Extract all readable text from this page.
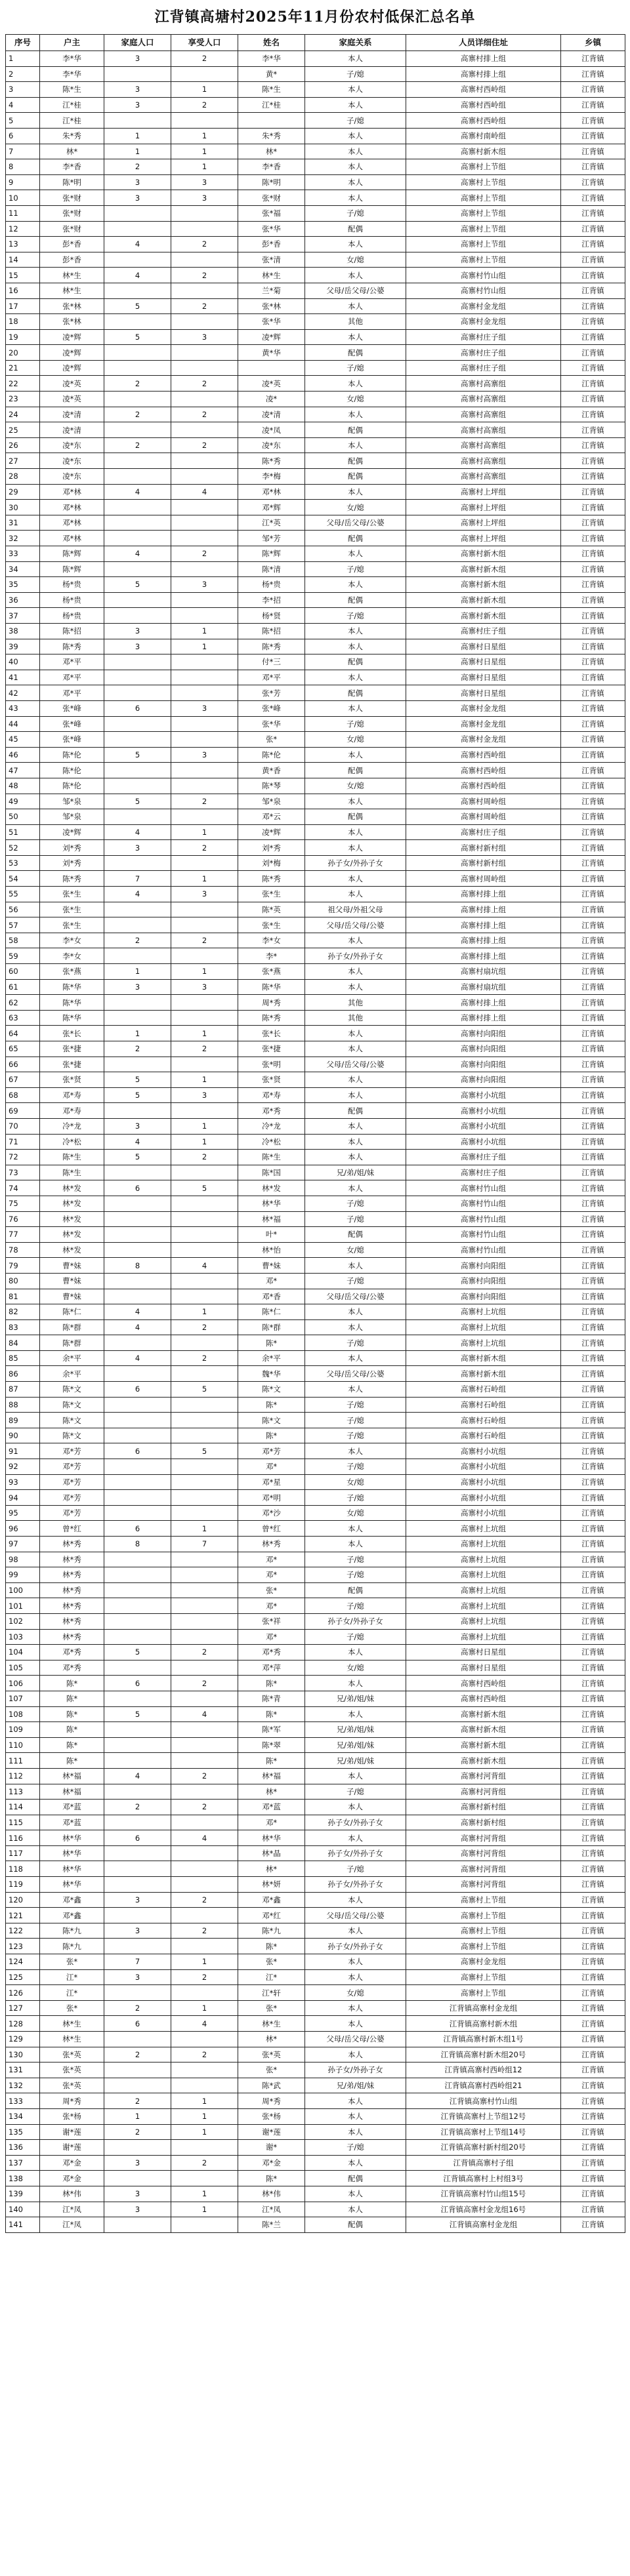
江背镇高塘村2025年11月份农村低保汇总名单
序号	户主	家庭人口	享受人口	姓名	家庭关系	人员详细住址	乡镇
1	李*华	3	2	李*华	本人	高寨村排上组	江背镇
2	李*华			黄*	子/媳	高寨村排上组	江背镇
3	陈*生	3	1	陈*生	本人	高寨村西岭组	江背镇
4	江*桂	3	2	江*桂	本人	高寨村西岭组	江背镇
5	江*桂				子/媳	高寨村西岭组	江背镇
6	朱*秀	1	1	朱*秀	本人	高寨村南岭组	江背镇
7	林*	1	1	林*	本人	高寨村新木组	江背镇
8	李*香	2	1	李*香	本人	高寨村上节组	江背镇
9	陈*明	3	3	陈*明	本人	高寨村上节组	江背镇
10	张*财	3	3	张*财	本人	高寨村上节组	江背镇
11	张*财			张*福	子/媳	高寨村上节组	江背镇
12	张*财			张*华	配偶	高寨村上节组	江背镇
13	彭*香	4	2	彭*香	本人	高寨村上节组	江背镇
14	彭*香			张*清	女/媳	高寨村上节组	江背镇
15	林*生	4	2	林*生	本人	高寨村竹山组	江背镇
16	林*生			兰*菊	父母/岳父母/公婆	高寨村竹山组	江背镇
17	张*林	5	2	张*林	本人	高寨村金龙组	江背镇
18	张*林			张*华	其他	高寨村金龙组	江背镇
19	凌*辉	5	3	凌*辉	本人	高寨村庄子组	江背镇
20	凌*辉			黄*华	配偶	高寨村庄子组	江背镇
21	凌*辉				子/媳	高寨村庄子组	江背镇
22	凌*英	2	2	凌*英	本人	高寨村高寨组	江背镇
23	凌*英			凌*	女/媳	高寨村高寨组	江背镇
24	凌*清	2	2	凌*清	本人	高寨村高寨组	江背镇
25	凌*清			凌*凤	配偶	高寨村高寨组	江背镇
26	凌*东	2	2	凌*东	本人	高寨村高寨组	江背镇
27	凌*东			陈*秀	配偶	高寨村高寨组	江背镇
28	凌*东			李*梅	配偶	高寨村高寨组	江背镇
29	邓*林	4	4	邓*林	本人	高寨村上坪组	江背镇
30	邓*林			邓*辉	女/媳	高寨村上坪组	江背镇
31	邓*林			江*英	父母/岳父母/公婆	高寨村上坪组	江背镇
32	邓*林			邹*芳	配偶	高寨村上坪组	江背镇
33	陈*辉	4	2	陈*辉	本人	高寨村新木组	江背镇
34	陈*辉			陈*清	子/媳	高寨村新木组	江背镇
35	杨*贵	5	3	杨*贵	本人	高寨村新木组	江背镇
36	杨*贵			李*招	配偶	高寨村新木组	江背镇
37	杨*贵			杨*贤	子/媳	高寨村新木组	江背镇
38	陈*招	3	1	陈*招	本人	高寨村庄子组	江背镇
39	陈*秀	3	1	陈*秀	本人	高寨村日星组	江背镇
40	邓*平			付*三	配偶	高寨村日星组	江背镇
41	邓*平			邓*平	本人	高寨村日星组	江背镇
42	邓*平			张*芳	配偶	高寨村日星组	江背镇
43	张*峰	6	3	张*峰	本人	高寨村金龙组	江背镇
44	张*峰			张*华	子/媳	高寨村金龙组	江背镇
45	张*峰			张*	女/媳	高寨村金龙组	江背镇
46	陈*伦	5	3	陈*伦	本人	高寨村西岭组	江背镇
47	陈*伦			黄*香	配偶	高寨村西岭组	江背镇
48	陈*伦			陈*琴	女/媳	高寨村西岭组	江背镇
49	邹*泉	5	2	邹*泉	本人	高寨村周岭组	江背镇
50	邹*泉			邓*云	配偶	高寨村周岭组	江背镇
51	凌*辉	4	1	凌*辉	本人	高寨村庄子组	江背镇
52	刘*秀	3	2	刘*秀	本人	高寨村新村组	江背镇
53	刘*秀			刘*梅	孙子女/外孙子女	高寨村新村组	江背镇
54	陈*秀	7	1	陈*秀	本人	高寨村周岭组	江背镇
55	张*生	4	3	张*生	本人	高寨村排上组	江背镇
56	张*生			陈*英	祖父母/外祖父母	高寨村排上组	江背镇
57	张*生			张*生	父母/岳父母/公婆	高寨村排上组	江背镇
58	李*女	2	2	李*女	本人	高寨村排上组	江背镇
59	李*女			李*	孙子女/外孙子女	高寨村排上组	江背镇
60	张*燕	1	1	张*燕	本人	高寨村扇坑组	江背镇
61	陈*华	3	3	陈*华	本人	高寨村扇坑组	江背镇
62	陈*华			周*秀	其他	高寨村排上组	江背镇
63	陈*华			陈*秀	其他	高寨村排上组	江背镇
64	张*长	1	1	张*长	本人	高寨村向阳组	江背镇
65	张*捷	2	2	张*捷	本人	高寨村向阳组	江背镇
66	张*捷			张*明	父母/岳父母/公婆	高寨村向阳组	江背镇
67	张*贤	5	1	张*贤	本人	高寨村向阳组	江背镇
68	邓*寿	5	3	邓*寿	本人	高寨村小坑组	江背镇
69	邓*寿			邓*秀	配偶	高寨村小坑组	江背镇
70	冷*龙	3	1	冷*龙	本人	高寨村小坑组	江背镇
71	冷*松	4	1	冷*松	本人	高寨村小坑组	江背镇
72	陈*生	5	2	陈*生	本人	高寨村庄子组	江背镇
73	陈*生			陈*国	兄/弟/姐/妹	高寨村庄子组	江背镇
74	林*发	6	5	林*发	本人	高寨村竹山组	江背镇
75	林*发			林*华	子/媳	高寨村竹山组	江背镇
76	林*发			林*福	子/媳	高寨村竹山组	江背镇
77	林*发			叶*	配偶	高寨村竹山组	江背镇
78	林*发			林*怡	女/媳	高寨村竹山组	江背镇
79	曹*妹	8	4	曹*妹	本人	高寨村向阳组	江背镇
80	曹*妹			邓*	子/媳	高寨村向阳组	江背镇
81	曹*妹			邓*香	父母/岳父母/公婆	高寨村向阳组	江背镇
82	陈*仁	4	1	陈*仁	本人	高寨村上坑组	江背镇
83	陈*群	4	2	陈*群	本人	高寨村上坑组	江背镇
84	陈*群			陈*	子/媳	高寨村上坑组	江背镇
85	余*平	4	2	余*平	本人	高寨村新木组	江背镇
86	余*平			魏*华	父母/岳父母/公婆	高寨村新木组	江背镇
87	陈*文	6	5	陈*文	本人	高寨村石岭组	江背镇
88	陈*文			陈*	子/媳	高寨村石岭组	江背镇
89	陈*文			陈*文	子/媳	高寨村石岭组	江背镇
90	陈*文			陈*	子/媳	高寨村石岭组	江背镇
91	邓*芳	6	5	邓*芳	本人	高寨村小坑组	江背镇
92	邓*芳			邓*	子/媳	高寨村小坑组	江背镇
93	邓*芳			邓*星	女/媳	高寨村小坑组	江背镇
94	邓*芳			邓*明	子/媳	高寨村小坑组	江背镇
95	邓*芳			邓*沙	女/媳	高寨村小坑组	江背镇
96	曾*红	6	1	曾*红	本人	高寨村上坑组	江背镇
97	林*秀	8	7	林*秀	本人	高寨村上坑组	江背镇
98	林*秀			邓*	子/媳	高寨村上坑组	江背镇
99	林*秀			邓*	子/媳	高寨村上坑组	江背镇
100	林*秀			张*	配偶	高寨村上坑组	江背镇
101	林*秀			邓*	子/媳	高寨村上坑组	江背镇
102	林*秀			张*祥	孙子女/外孙子女	高寨村上坑组	江背镇
103	林*秀			邓*	子/媳	高寨村上坑组	江背镇
104	邓*秀	5	2	邓*秀	本人	高寨村日星组	江背镇
105	邓*秀			邓*萍	女/媳	高寨村日星组	江背镇
106	陈*	6	2	陈*	本人	高寨村西岭组	江背镇
107	陈*			陈*青	兄/弟/姐/妹	高寨村西岭组	江背镇
108	陈*	5	4	陈*	本人	高寨村新木组	江背镇
109	陈*			陈*军	兄/弟/姐/妹	高寨村新木组	江背镇
110	陈*			陈*翠	兄/弟/姐/妹	高寨村新木组	江背镇
111	陈*			陈*	兄/弟/姐/妹	高寨村新木组	江背镇
112	林*福	4	2	林*福	本人	高寨村河背组	江背镇
113	林*福			林*	子/媳	高寨村河背组	江背镇
114	邓*蓝	2	2	邓*蓝	本人	高寨村新村组	江背镇
115	邓*蓝			邓*	孙子女/外孙子女	高寨村新村组	江背镇
116	林*华	6	4	林*华	本人	高寨村河背组	江背镇
117	林*华			林*晶	孙子女/外孙子女	高寨村河背组	江背镇
118	林*华			林*	子/媳	高寨村河背组	江背镇
119	林*华			林*妍	孙子女/外孙子女	高寨村河背组	江背镇
120	邓*鑫	3	2	邓*鑫	本人	高寨村上节组	江背镇
121	邓*鑫			邓*红	父母/岳父母/公婆	高寨村上节组	江背镇
122	陈*九	3	2	陈*九	本人	高寨村上节组	江背镇
123	陈*九			陈*	孙子女/外孙子女	高寨村上节组	江背镇
124	张*	7	1	张*	本人	高寨村金龙组	江背镇
125	江*	3	2	江*	本人	高寨村上节组	江背镇
126	江*			江*轩	女/媳	高寨村上节组	江背镇
127	张*	2	1	张*	本人	江背镇高寨村金龙组	江背镇
128	林*生	6	4	林*生	本人	江背镇高寨村新木组	江背镇
129	林*生			林*	父母/岳父母/公婆	江背镇高寨村新木组1号	江背镇
130	张*英	2	2	张*英	本人	江背镇高寨村新木组20号	江背镇
131	张*英			张*	孙子女/外孙子女	江背镇高寨村西岭组12	江背镇
132	张*英			陈*武	兄/弟/姐/妹	江背镇高寨村西岭组21	江背镇
133	周*秀	2	1	周*秀	本人	江背镇高寨村竹山组	江背镇
134	张*杨	1	1	张*杨	本人	江背镇高寨村上节组12号	江背镇
135	谢*莲	2	1	谢*莲	本人	江背镇高寨村上节组14号	江背镇
136	谢*莲			谢*	子/媳	江背镇高寨村新村组20号	江背镇
137	邓*金	3	2	邓*金	本人	江背镇高寨村子组	江背镇
138	邓*金			陈*	配偶	江背镇高寨村上村组3号	江背镇
139	林*伟	3	1	林*伟	本人	江背镇高寨村竹山组15号	江背镇
140	江*凤	3	1	江*凤	本人	江背镇高寨村金龙组16号	江背镇
141	江*凤			陈*兰	配偶	江背镇高寨村金龙组	江背镇
